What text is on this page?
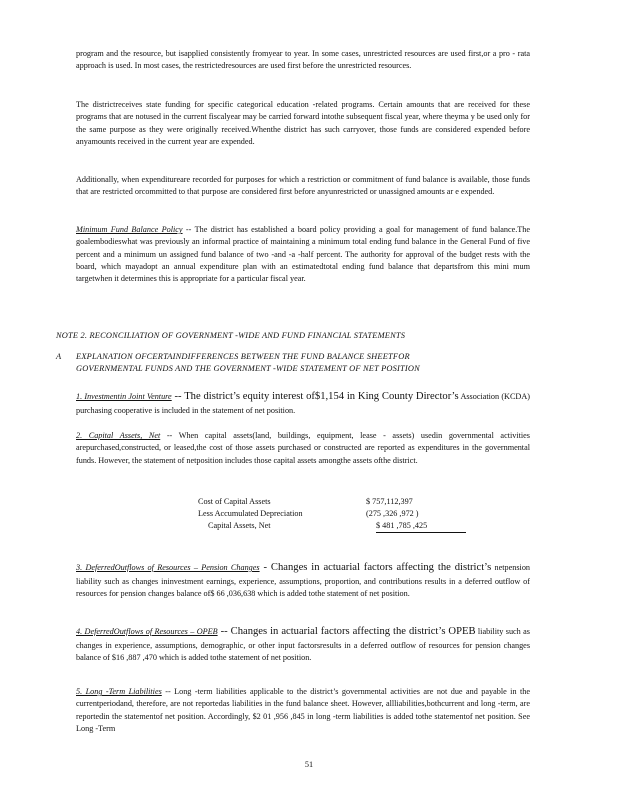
program and the resource, but isapplied consistently fromyear to year. In some cases, unrestricted resources are used first,or a pro - rata approach is used. In most cases, the restrictedresources are used first before the unrestricted resources.

The districtreceives state funding for specific categorical education -related programs. Certain amounts that are received for these programs that are notused in the current fiscalyear may be carried forward intothe subsequent fiscal year, where theyma y be used only for the same purpose as they were originally received.Whenthe district has such carryover, those funds are considered expended before anyamounts received in the current year are expended.

Additionally, when expenditureare recorded for purposes for which a restriction or commitment of fund balance is available, those funds that are restricted orcommitted to that purpose are considered first before anyunrestricted or unassigned amounts ar e expended.

Minimum Fund Balance Policy -- The district has established a board policy providing a goal for management of fund balance.The goalembodieswhat was previously an informal practice of maintaining a minimum total ending fund balance in the General Fund of five percent and a minimum un assigned fund balance of two -and -a -half percent. The authority for approval of the budget rests with the board, which mayadopt an annual expenditure plan with an estimatedtotal ending fund balance that departsfrom this mini mum targetwhen it determines this is appropriate for a particular fiscal year.

NOTE 2. RECONCILIATION OF GOVERNMENT -WIDE AND FUND FINANCIAL STATEMENTS
A EXPLANATION OFCERTAINDIFFERENCES BETWEEN THE FUND BALANCE SHEETFOR
GOVERNMENTAL FUNDS AND THE GOVERNMENT -WIDE STATEMENT OF NET POSITION

1. Investmentin Joint Venture -- The district’s equity interest of$1,154 in King County Director’s Association (KCDA) purchasing cooperative is included in the statement of net position.

2. Capital Assets, Net -- When capital assets(land, buildings, equipment, lease - assets) usedin governmental activities arepurchased,constructed, or leased,the cost of those assets purchased or constructed are reported as expenditures in the governmental funds. However, the statement of netposition includes those capital assets amongthe assets ofthe district.

Cost of Capital Assets	$ 757,112,397
Less Accumulated Depreciation	(275 ,326 ,972 )
Capital Assets, Net	$ 481 ,785 ,425

3. DeferredOutflows of Resources – Pension Changes - Changes in actuarial factors affecting the district’s netpension liability such as changes ininvestment earnings, experience, assumptions, proportion, and contributions results in a deferred outflow of resources for pension changes balance of$ 66 ,036,638 which is added tothe statement of net position.

4. DeferredOutflows of Resources – OPEB -- Changes in actuarial factors affecting the district’s OPEB liability such as changes in experience, assumptions, demographic, or other input factorsresults in a deferred outflow of resources for pension changes balance of $16 ,887 ,470 which is added tothe statement of net position.

5. Long -Term Liabilities -- Long -term liabilities applicable to the district’s governmental activities are not due and payable in the currentperiodand, therefore, are not reportedas liabilities in the fund balance sheet. However, allliabilities,bothcurrent and long -term, are reportedin the statementof net position. Accordingly, $2 01 ,956 ,845 in long -term liabilities is added tothe statementof net position. See Long -Term

51
